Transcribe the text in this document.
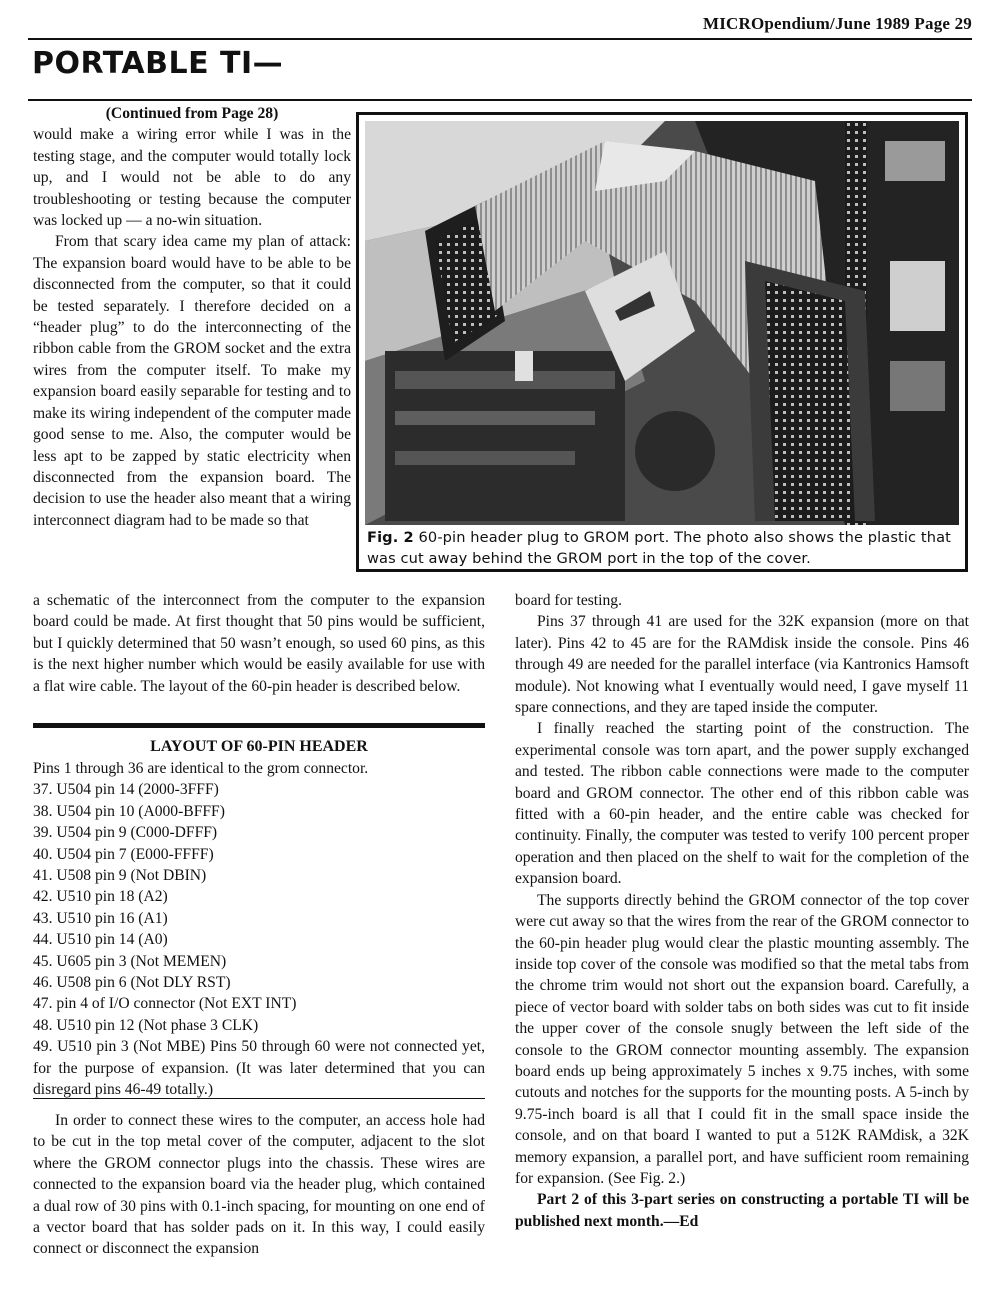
MICROpendium/June 1989 Page 29
PORTABLE TI—

(Continued from Page 28)

would make a wiring error while I was in the testing stage, and the computer would totally lock up, and I would not be able to do any troubleshooting or testing because the computer was locked up — a no-win situation.

From that scary idea came my plan of attack: The expansion board would have to be able to be disconnected from the computer, so that it could be tested separately. I therefore decided on a “header plug” to do the interconnecting of the ribbon cable from the GROM socket and the extra wires from the computer itself. To make my expansion board easily separable for testing and to make its wiring independent of the computer made good sense to me. Also, the computer would be less apt to be zapped by static electricity when disconnected from the expansion board. The decision to use the header also meant that a wiring interconnect diagram had to be made so that

Fig. 2 60-pin header plug to GROM port. The photo also shows the plastic that was cut away behind the GROM port in the top of the cover.

a schematic of the interconnect from the computer to the expansion board could be made. At first thought that 50 pins would be sufficient, but I quickly determined that 50 wasn’t enough, so used 60 pins, as this is the next higher number which would be easily available for use with a flat wire cable. The layout of the 60-pin header is described below.

LAYOUT OF 60-PIN HEADER

Pins 1 through 36 are identical to the grom connector.

37. U504 pin 14 (2000-3FFF)
38. U504 pin 10 (A000-BFFF)
39. U504 pin 9 (C000-DFFF)
40. U504 pin 7 (E000-FFFF)
41. U508 pin 9 (Not DBIN)
42. U510 pin 18 (A2)
43. U510 pin 16 (A1)
44. U510 pin 14 (A0)
45. U605 pin 3 (Not MEMEN)
46. U508 pin 6 (Not DLY RST)
47. pin 4 of I/O connector (Not EXT INT)
48. U510 pin 12 (Not phase 3 CLK)
49. U510 pin 3 (Not MBE) Pins 50 through 60 were not connected yet, for the purpose of expansion. (It was later determined that you can disregard pins 46-49 totally.)

In order to connect these wires to the computer, an access hole had to be cut in the top metal cover of the computer, adjacent to the slot where the GROM connector plugs into the chassis. These wires are connected to the expansion board via the header plug, which contained a dual row of 30 pins with 0.1-inch spacing, for mounting on one end of a vector board that has solder pads on it. In this way, I could easily connect or disconnect the expansion

board for testing.

Pins 37 through 41 are used for the 32K expansion (more on that later). Pins 42 to 45 are for the RAMdisk inside the console. Pins 46 through 49 are needed for the parallel interface (via Kantronics Hamsoft module). Not knowing what I eventually would need, I gave myself 11 spare connections, and they are taped inside the computer.

I finally reached the starting point of the construction. The experimental console was torn apart, and the power supply exchanged and tested. The ribbon cable connections were made to the computer board and GROM connector. The other end of this ribbon cable was fitted with a 60-pin header, and the entire cable was checked for continuity. Finally, the computer was tested to verify 100 percent proper operation and then placed on the shelf to wait for the completion of the expansion board.

The supports directly behind the GROM connector of the top cover were cut away so that the wires from the rear of the GROM connector to the 60-pin header plug would clear the plastic mounting assembly. The inside top cover of the console was modified so that the metal tabs from the chrome trim would not short out the expansion board. Carefully, a piece of vector board with solder tabs on both sides was cut to fit inside the upper cover of the console snugly between the left side of the console to the GROM connector mounting assembly. The expansion board ends up being approximately 5 inches x 9.75 inches, with some cutouts and notches for the supports for the mounting posts. A 5-inch by 9.75-inch board is all that I could fit in the small space inside the console, and on that board I wanted to put a 512K RAMdisk, a 32K memory expansion, a parallel port, and have sufficient room remaining for expansion. (See Fig. 2.)

Part 2 of this 3-part series on constructing a portable TI will be published next month.—Ed
